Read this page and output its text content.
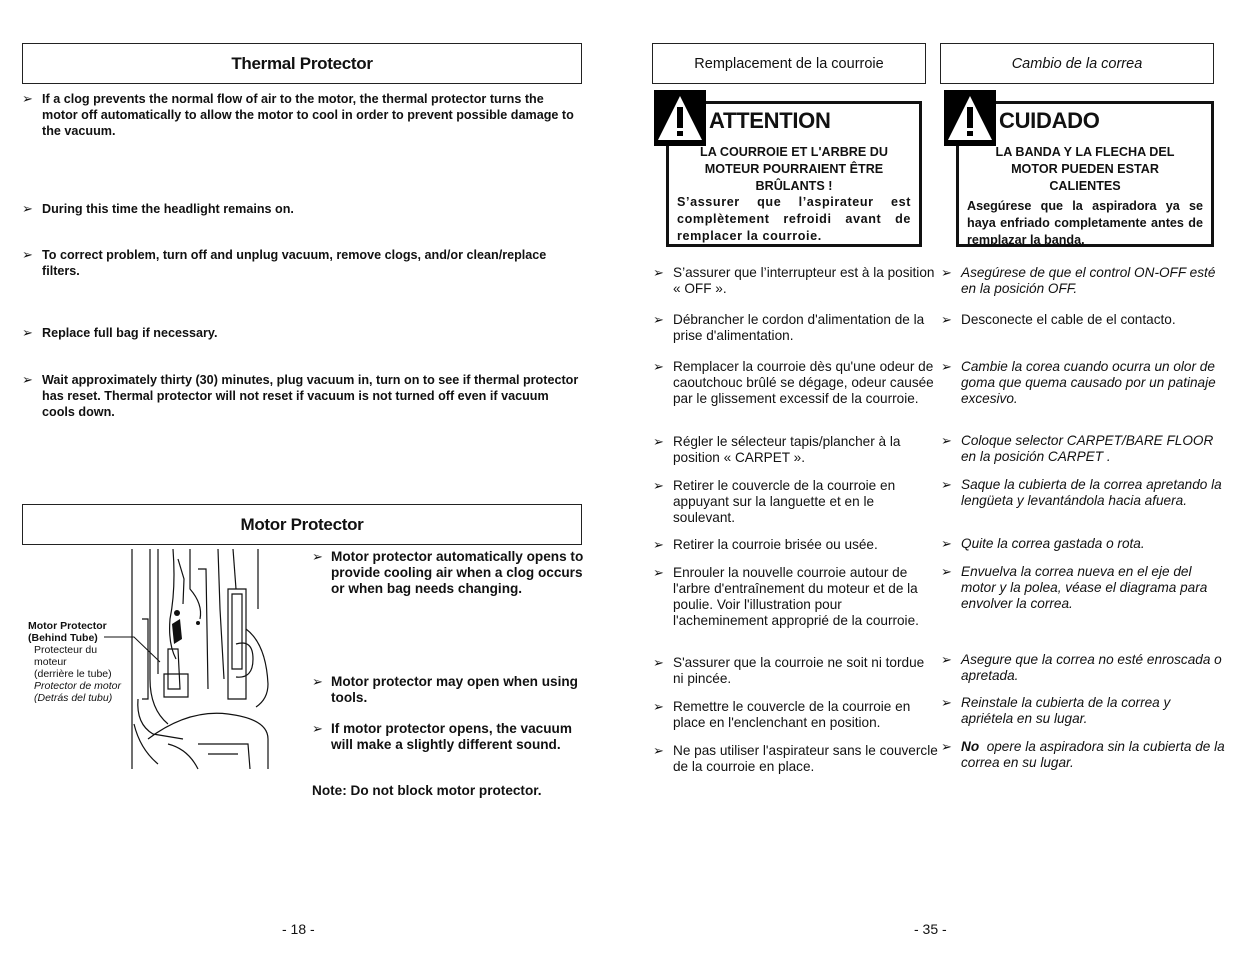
Thermal Protector
➢ If a clog prevents the normal flow of air to the motor, the thermal protector turns the motor off automatically to allow the motor to cool in order to prevent possible damage to the vacuum.
➢ During this time the headlight remains on.
➢ To correct problem, turn off and unplug vacuum, remove clogs, and/or clean/replace filters.
➢ Replace full bag if necessary.
➢ Wait approximately thirty (30) minutes, plug vacuum in, turn on to see if thermal protector has reset. Thermal protector will not reset if vacuum is not turned off even if vacuum cools down.
Motor Protector
Motor Protector
(Behind Tube)
Protecteur du
moteur
(derrière le tube)
Protector de motor
(Detrás del tubu)
➢ Motor protector automatically opens to provide cooling air when a clog occurs or when bag needs changing.
➢ Motor protector may open when using tools.
➢ If motor protector opens, the vacuum will make a slightly different sound.
Note: Do not block motor protector.
- 18 -
Remplacement de la courroie	Cambio de la correa
ATTENTION
LA COURROIE ET L'ARBRE DU MOTEUR POURRAIENT ÊTRE BRÛLANTS !
S’assurer que l’aspirateur est complètement refroidi avant de remplacer la courroie.
CUIDADO
LA BANDA Y LA FLECHA DEL MOTOR PUEDEN ESTAR CALIENTES
Asegúrese que la aspiradora ya se haya enfriado completamente antes de remplazar la banda.
➢ S’assurer que l’interrupteur est à la position « OFF ».
➢ Débrancher le cordon d'alimentation de la prise d'alimentation.
➢ Remplacer la courroie dès qu'une odeur de caoutchouc brûlé se dégage, odeur causée par le glissement excessif de la courroie.
➢ Régler le sélecteur tapis/plancher à la position « CARPET ».
➢ Retirer le couvercle de la courroie en appuyant sur la languette et en le soulevant.
➢ Retirer la courroie brisée ou usée.
➢ Enrouler la nouvelle courroie autour de l'arbre d'entraînement du moteur et de la poulie. Voir l'illustration pour l'acheminement approprié de la courroie.
➢ S'assurer que la courroie ne soit ni tordue ni pincée.
➢ Remettre le couvercle de la courroie en place en l'enclenchant en position.
➢ Ne pas utiliser l'aspirateur sans le couvercle de la courroie en place.
➢ Asegúrese de que el control ON-OFF esté en la posición OFF.
➢ Desconecte el cable de el contacto.
➢ Cambie la corea cuando ocurra un olor de goma que quema causado por un patinaje excesivo.
➢ Coloque selector CARPET/BARE FLOOR en la posición CARPET .
➢ Saque la cubierta de la correa apretando la lengüeta y levantándola hacia afuera.
➢ Quite la correa gastada o rota.
➢ Envuelva la correa nueva en el eje del motor y la polea, véase el diagrama para envolver la correa.
➢ Asegure que la correa no esté enroscada o apretada.
➢ Reinstale la cubierta de la correa y apriétela en su lugar.
➢ No opere la aspiradora sin la cubierta de la correa en su lugar.
- 35 -
